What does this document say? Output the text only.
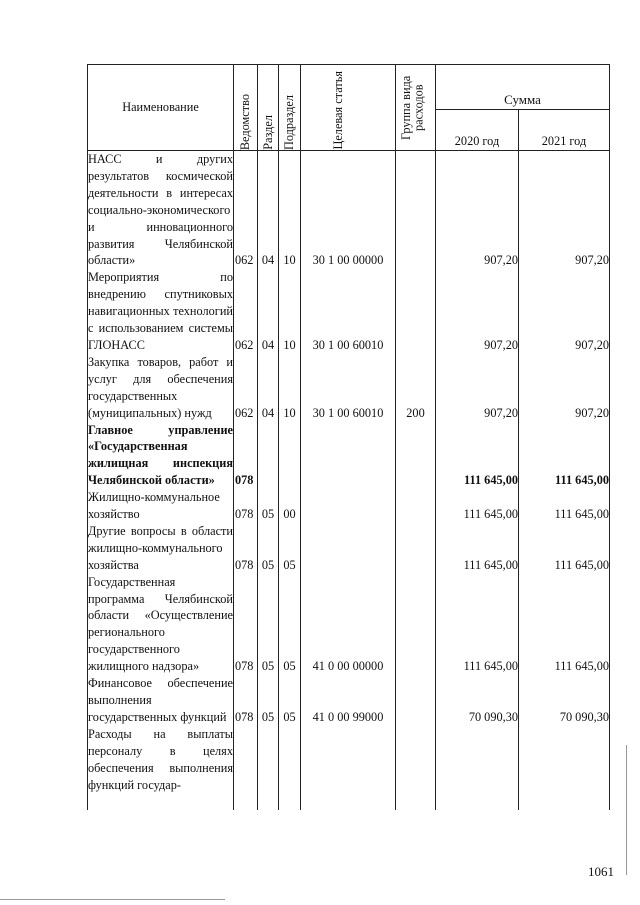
Наименование	Ведомство	Раздел	Подраздел	Целевая статья	Группа вида расходов	Сумма	
						2020 год	2021 год
НАСС и других результатов космической деятельности в интересах социально-экономического и инновационного развития Челябинской области»	062	04	10	30 1 00 00000		907,20	907,20
Мероприятия по внедрению спутниковых навигационных технологий с использованием системы ГЛОНАСС	062	04	10	30 1 00 60010		907,20	907,20
Закупка товаров, работ и услуг для обеспечения государственных (муниципальных) нужд	062	04	10	30 1 00 60010	200	907,20	907,20
Главное управление «Государственная жилищная инспекция Челябинской области»	078					111 645,00	111 645,00
Жилищно-коммунальное хозяйство	078	05	00			111 645,00	111 645,00
Другие вопросы в области жилищно-коммунального хозяйства	078	05	05			111 645,00	111 645,00
Государственная программа Челябинской области «Осуществление регионального государственного жилищного надзора»	078	05	05	41 0 00 00000		111 645,00	111 645,00
Финансовое обеспечение выполнения государственных функций	078	05	05	41 0 00 99000		70 090,30	70 090,30
Расходы на выплаты персоналу в целях обеспечения выполнения функций государ-							
1061
